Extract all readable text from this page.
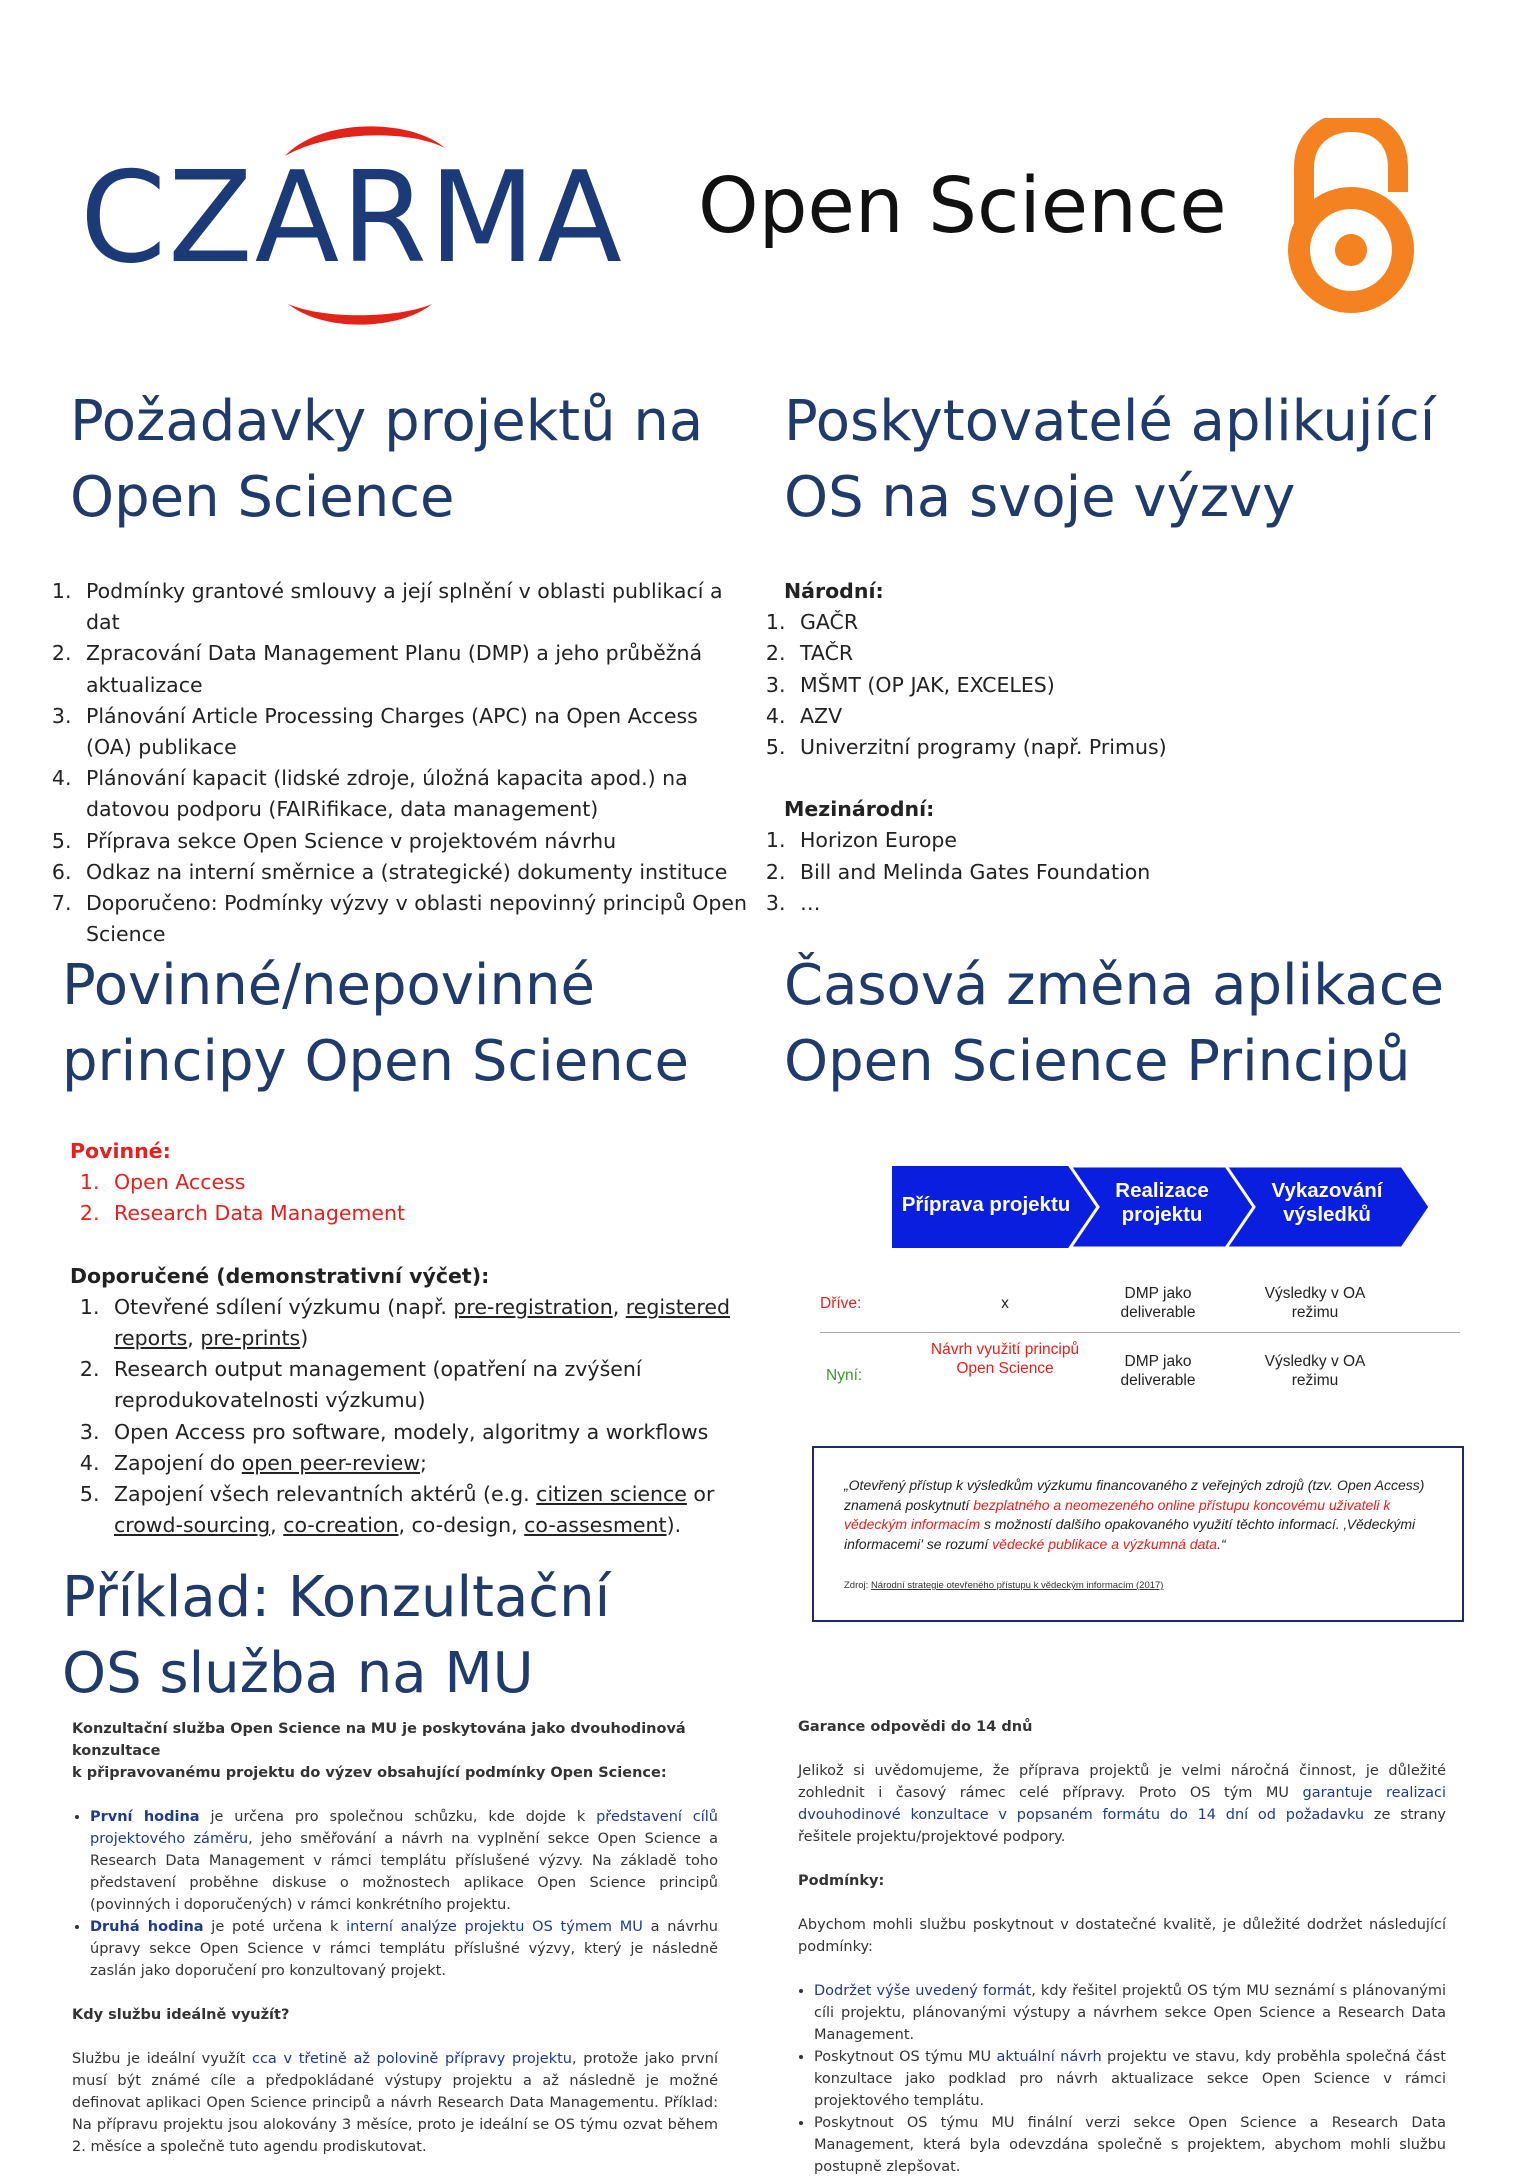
CZARMA Open Science
Požadavky projektů na
Open Science
1. Podmínky grantové smlouvy a její splnění v oblasti publikací a dat
2. Zpracování Data Management Planu (DMP) a jeho průběžná aktualizace
3. Plánování Article Processing Charges (APC) na Open Access (OA) publikace
4. Plánování kapacit (lidské zdroje, úložná kapacita apod.) na datovou podporu (FAIRifikace, data management)
5. Příprava sekce Open Science v projektovém návrhu
6. Odkaz na interní směrnice a (strategické) dokumenty instituce
7. Doporučeno: Podmínky výzvy v oblasti nepovinný principů Open Science
Poskytovatelé aplikující
OS na svoje výzvy
Národní:
1. GAČR
2. TAČR
3. MŠMT (OP JAK, EXCELES)
4. AZV
5. Univerzitní programy (např. Primus)
Mezinárodní:
1. Horizon Europe
2. Bill and Melinda Gates Foundation
3. …
Povinné/nepovinné
principy Open Science
Povinné:
1. Open Access
2. Research Data Management
Doporučené (demonstrativní výčet):
1. Otevřené sdílení výzkumu (např. pre-registration, registered reports, pre-prints)
2. Research output management (opatření na zvýšení reprodukovatelnosti výzkumu)
3. Open Access pro software, modely, algoritmy a workflows
4. Zapojení do open peer-review;
5. Zapojení všech relevantních aktérů (e.g. citizen science or crowd-sourcing, co-creation, co-design, co-assesment).
Časová změna aplikace
Open Science Principů
Příprava projektu
Realizace projektu
Vykazování výsledků
Dříve:	x
DMP jako deliverable
Výsledky v OA režimu
Nyní:
Návrh využití principů Open Science	DMP jako deliverable
Výsledky v OA režimu
„Otevřený přístup k výsledkům výzkumu financovaného z veřejných zdrojů (tzv. Open Access) znamená poskytnutí bezplatného a neomezeného online přístupu koncovému uživateli k vědeckým informacím s možností dalšího opakovaného využití těchto informací. ‚Vědeckými informacemi' se rozumí vědecké publikace a výzkumná data.“
Zdroj: Národní strategie otevřeného přístupu k vědeckým informacím (2017)
Příklad: Konzultační
OS služba na MU

Konzultační služba Open Science na MU je poskytována jako dvouhodinová konzultace
k připravovanému projektu do výzev obsahující podmínky Open Science:

• První hodina je určena pro společnou schůzku, kde dojde k představení cílů projektového záměru, jeho směřování a návrh na vyplnění sekce Open Science a Research Data Management v rámci templátu příslušené výzvy. Na základě toho představení proběhne diskuse o možnostech aplikace Open Science principů (povinných i doporučených) v rámci konkrétního projektu.
• Druhá hodina je poté určena k interní analýze projektu OS týmem MU a návrhu úpravy sekce Open Science v rámci templátu příslušné výzvy, který je následně zaslán jako doporučení pro konzultovaný projekt.

Kdy službu ideálně využít?

Službu je ideální využít cca v třetině až polovině přípravy projektu, protože jako první musí být známé cíle a předpokládané výstupy projektu a až následně je možné definovat aplikaci Open Science principů a návrh Research Data Managementu. Příklad: Na přípravu projektu jsou alokovány 3 měsíce, proto je ideální se OS týmu ozvat během 2. měsíce a společně tuto agendu prodiskutovat.

Garance odpovědi do 14 dnů

Jelikož si uvědomujeme, že příprava projektů je velmi náročná činnost, je důležité zohlednit i časový rámec celé přípravy. Proto OS tým MU garantuje realizaci dvouhodinové konzultace v popsaném formátu do 14 dní od požadavku ze strany řešitele projektu/projektové podpory.

Podmínky:

Abychom mohli službu poskytnout v dostatečné kvalitě, je důležité dodržet následující podmínky:

• Dodržet výše uvedený formát, kdy řešitel projektů OS tým MU seznámí s plánovanými cíli projektu, plánovanými výstupy a návrhem sekce Open Science a Research Data Management.
• Poskytnout OS týmu MU aktuální návrh projektu ve stavu, kdy proběhla společná část konzultace jako podklad pro návrh aktualizace sekce Open Science v rámci projektového templátu.
• Poskytnout OS týmu MU finální verzi sekce Open Science a Research Data Management, která byla odevzdána společně s projektem, abychom mohli službu postupně zlepšovat.
